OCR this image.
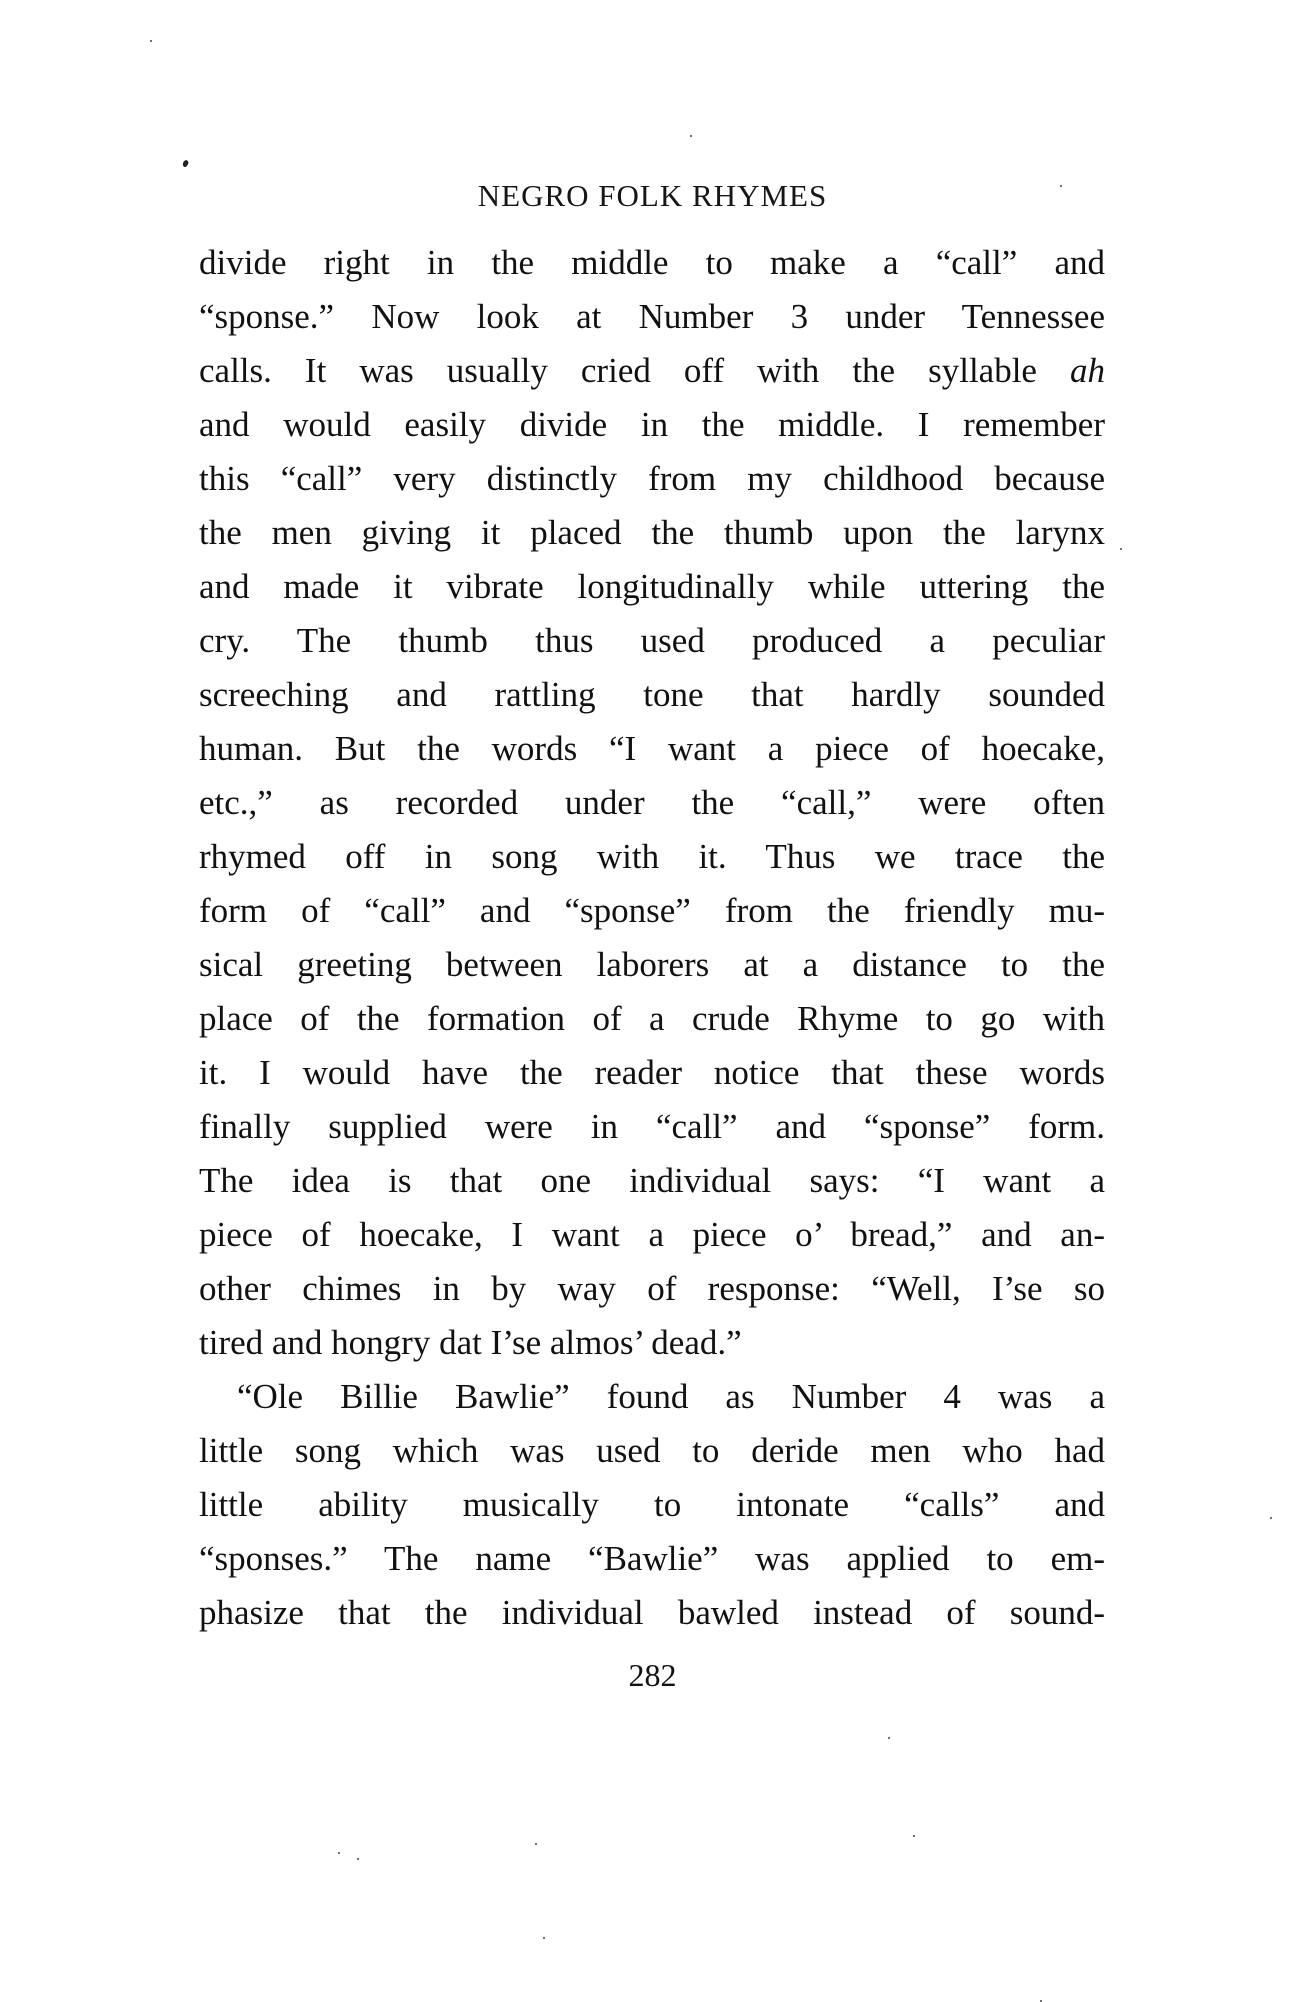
NEGRO FOLK RHYMES
divide right in the middle to make a “call” and
“sponse.” Now look at Number 3 under Tennessee
calls. It was usually cried off with the syllable ah
and would easily divide in the middle. I remember
this “call” very distinctly from my childhood because
the men giving it placed the thumb upon the larynx
and made it vibrate longitudinally while uttering the
cry. The thumb thus used produced a peculiar
screeching and rattling tone that hardly sounded
human. But the words “I want a piece of hoecake,
etc.,” as recorded under the “call,” were often
rhymed off in song with it. Thus we trace the
form of “call” and “sponse” from the friendly mu-
sical greeting between laborers at a distance to the
place of the formation of a crude Rhyme to go with
it. I would have the reader notice that these words
finally supplied were in “call” and “sponse” form.
The idea is that one individual says: “I want a
piece of hoecake, I want a piece o’ bread,” and an-
other chimes in by way of response: “Well, I’se so
tired and hongry dat I’se almos’ dead.”
“Ole Billie Bawlie” found as Number 4 was a
little song which was used to deride men who had
little ability musically to intonate “calls” and
“sponses.” The name “Bawlie” was applied to em-
phasize that the individual bawled instead of sound-
282
